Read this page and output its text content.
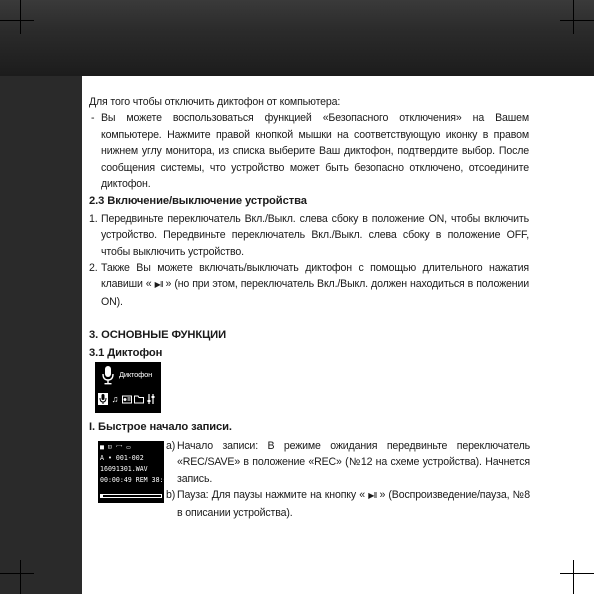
Для того чтобы отключить диктофон от компьютера:

- Вы можете воспользоваться функцией «Безопасного отключения» на Вашем компьютере. Нажмите правой кнопкой мышки на соответствующую иконку в правом нижнем углу монитора, из списка выберите Ваш диктофон, подтвердите выбор. После сообщения системы, что устройство может быть безопасно отключено, отсоедините диктофон.

2.3 Включение/выключение устройства
1. Передвиньте переключатель Вкл./Выкл. слева сбоку в положение ON, чтобы включить устройство. Передвиньте переключатель Вкл./Выкл. слева сбоку в положение OFF, чтобы выключить устройство.
2. Также Вы можете включать/выключать диктофон с помощью длительного нажатия клавиши « ▶II » (но при этом, переключатель Вкл./Выкл. должен находиться в положении ON).
3. ОСНОВНЫЕ ФУНКЦИИ
3.1 Диктофон
Диктофон
♫
I. Быстрое начало записи.
■ ⊡ 冖 ▭
A • 001-002
16091301.WAV
00:00:49 REM 38:00
a) Начало записи: В режиме ожидания передвиньте переключатель «REC/SAVE» в положение «REC» (№12 на схеме устройства). Начнется запись.
b) Пауза: Для паузы нажмите на кнопку « ▶II » (Воспроизведение/пауза, №8 в описании устройства).
